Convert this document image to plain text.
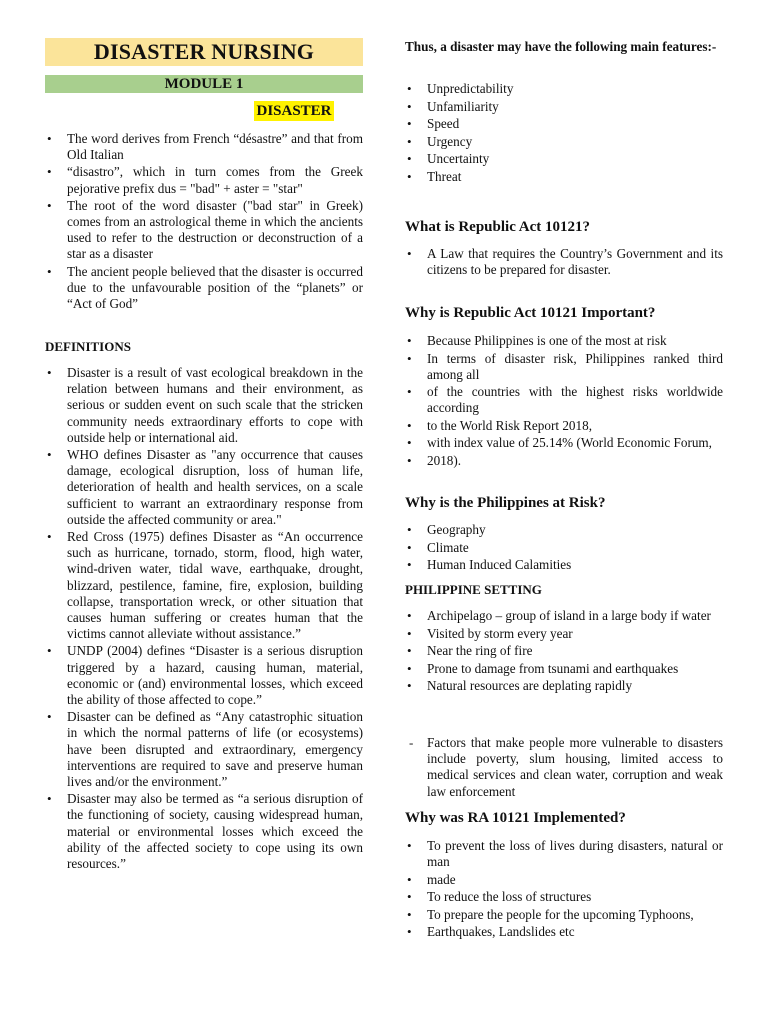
DISASTER NURSING
MODULE 1
DISASTER
• The word derives from French “désastre” and that from Old Italian
• “disastro”, which in turn comes from the Greek pejorative prefix dus = "bad" + aster = "star"
• The root of the word disaster ("bad star" in Greek) comes from an astrological theme in which the ancients used to refer to the destruction or deconstruction of a star as a disaster
• The ancient people believed that the disaster is occurred due to the unfavourable position of the “planets” or “Act of God”
DEFINITIONS
• Disaster is a result of vast ecological breakdown in the relation between humans and their environment, as serious or sudden event on such scale that the stricken community needs extraordinary efforts to cope with outside help or international aid.
• WHO defines Disaster as "any occurrence that causes damage, ecological disruption, loss of human life, deterioration of health and health services, on a scale sufficient to warrant an extraordinary response from outside the affected community or area."
• Red Cross (1975) defines Disaster as “An occurrence such as hurricane, tornado, storm, flood, high water, wind-driven water, tidal wave, earthquake, drought, blizzard, pestilence, famine, fire, explosion, building collapse, transportation wreck, or other situation that causes human suffering or creates human that the victims cannot alleviate without assistance.”
• UNDP (2004) defines “Disaster is a serious disruption triggered by a hazard, causing human, material, economic or (and) environmental losses, which exceed the ability of those affected to cope.”
• Disaster can be defined as “Any catastrophic situation in which the normal patterns of life (or ecosystems) have been disrupted and extraordinary, emergency interventions are required to save and preserve human lives and/or the environment.”
• Disaster may also be termed as “a serious disruption of the functioning of society, causing widespread human, material or environmental losses which exceed the ability of the affected society to cope using its own resources.”
Thus, a disaster may have the following main features:-
• Unpredictability
• Unfamiliarity
• Speed
• Urgency
• Uncertainty
• Threat
What is Republic Act 10121?
• A Law that requires the Country’s Government and its citizens to be prepared for disaster.
Why is Republic Act 10121 Important?
• Because Philippines is one of the most at risk
• In terms of disaster risk, Philippines ranked third among all
• of the countries with the highest risks worldwide according
• to the World Risk Report 2018,
• with index value of 25.14% (World Economic Forum,
• 2018).
Why is the Philippines at Risk?
• Geography
• Climate
• Human Induced Calamities
PHILIPPINE SETTING
• Archipelago – group of island in a large body if water
• Visited by storm every year
• Near the ring of fire
• Prone to damage from tsunami and earthquakes
• Natural resources are deplating rapidly
- Factors that make people more vulnerable to disasters include poverty, slum housing, limited access to medical services and clean water, corruption and weak law enforcement
Why was RA 10121 Implemented?
• To prevent the loss of lives during disasters, natural or man
• made
• To reduce the loss of structures
• To prepare the people for the upcoming Typhoons,
• Earthquakes, Landslides etc
